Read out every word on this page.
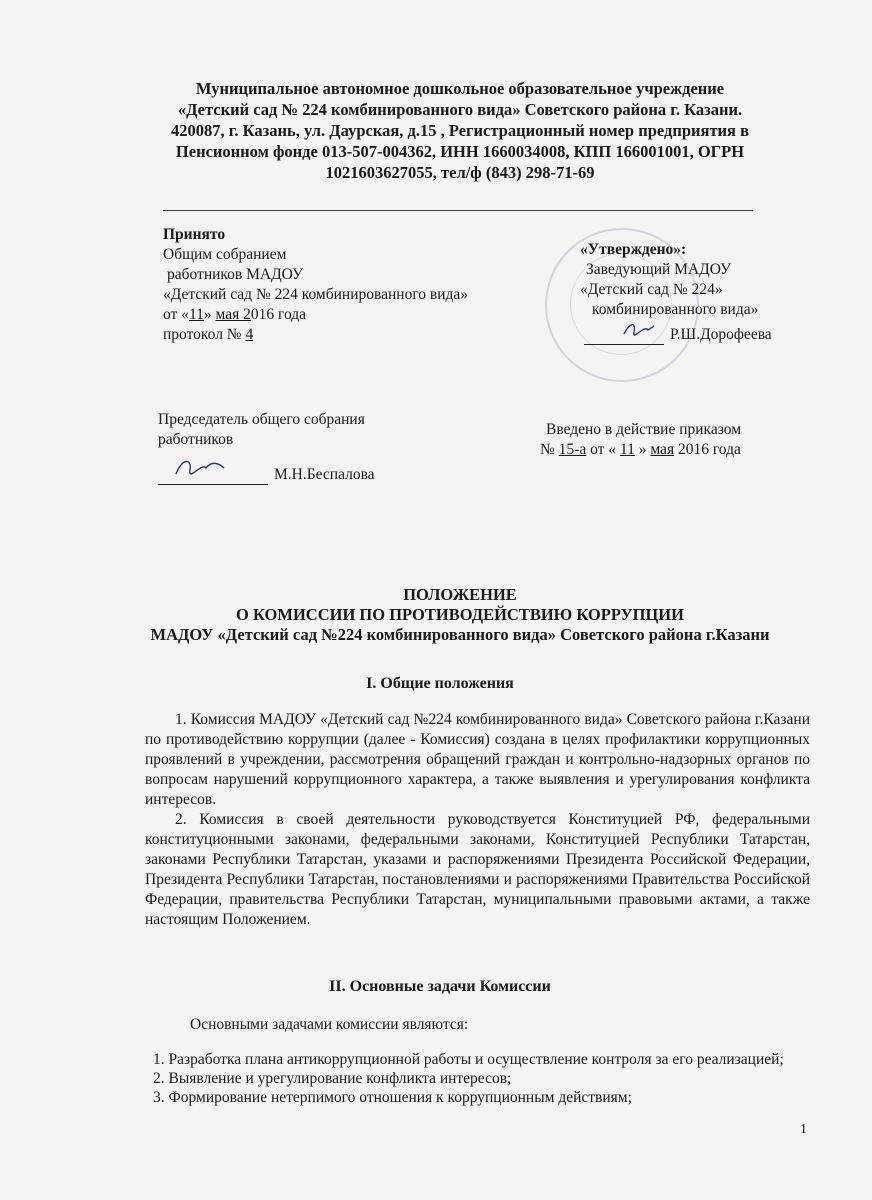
Муниципальное автономное дошкольное образовательное учреждение
«Детский сад № 224 комбинированного вида» Советского района г. Казани.
420087, г. Казань, ул. Даурская, д.15 , Регистрационный номер предприятия в
Пенсионном фонде 013-507-004362, ИНН 1660034008, КПП 166001001, ОГРН
1021603627055, тел/ф (843) 298-71-69
Принято
Общим собранием
работников МАДОУ
«Детский сад № 224 комбинированного вида»
от «11» мая 2016 года
протокол № 4
«Утверждено»:
Заведующий МАДОУ
«Детский сад № 224»
комбинированного вида»
Р.Ш.Дорофеева
Председатель общего собрания
работников
М.Н.Беспалова
Введено в действие приказом
№ 15-а от « 11 » мая 2016 года
ПОЛОЖЕНИЕ
О КОМИССИИ ПО ПРОТИВОДЕЙСТВИЮ КОРРУПЦИИ
МАДОУ «Детский сад №224 комбинированного вида» Советского района г.Казани
I. Общие положения

1. Комиссия МАДОУ «Детский сад №224 комбинированного вида» Советского района г.Казани по противодействию коррупции (далее - Комиссия) создана в целях профилактики коррупционных проявлений в учреждении, рассмотрения обращений граждан и контрольно-надзорных органов по вопросам нарушений коррупционного характера, а также выявления и урегулирования конфликта интересов.

2. Комиссия в своей деятельности руководствуется Конституцией РФ, федеральными конституционными законами, федеральными законами, Конституцией Республики Татарстан, законами Республики Татарстан, указами и распоряжениями Президента Российской Федерации, Президента Республики Татарстан, постановлениями и распоряжениями Правительства Российской Федерации, правительства Республики Татарстан, муниципальными правовыми актами, а также настоящим Положением.

II. Основные задачи Комиссии
Основными задачами комиссии являются:

1. Разработка плана антикоррупционной работы и осуществление контроля за его реализацией;

2. Выявление и урегулирование конфликта интересов;

3. Формирование нетерпимого отношения к коррупционным действиям;

1
